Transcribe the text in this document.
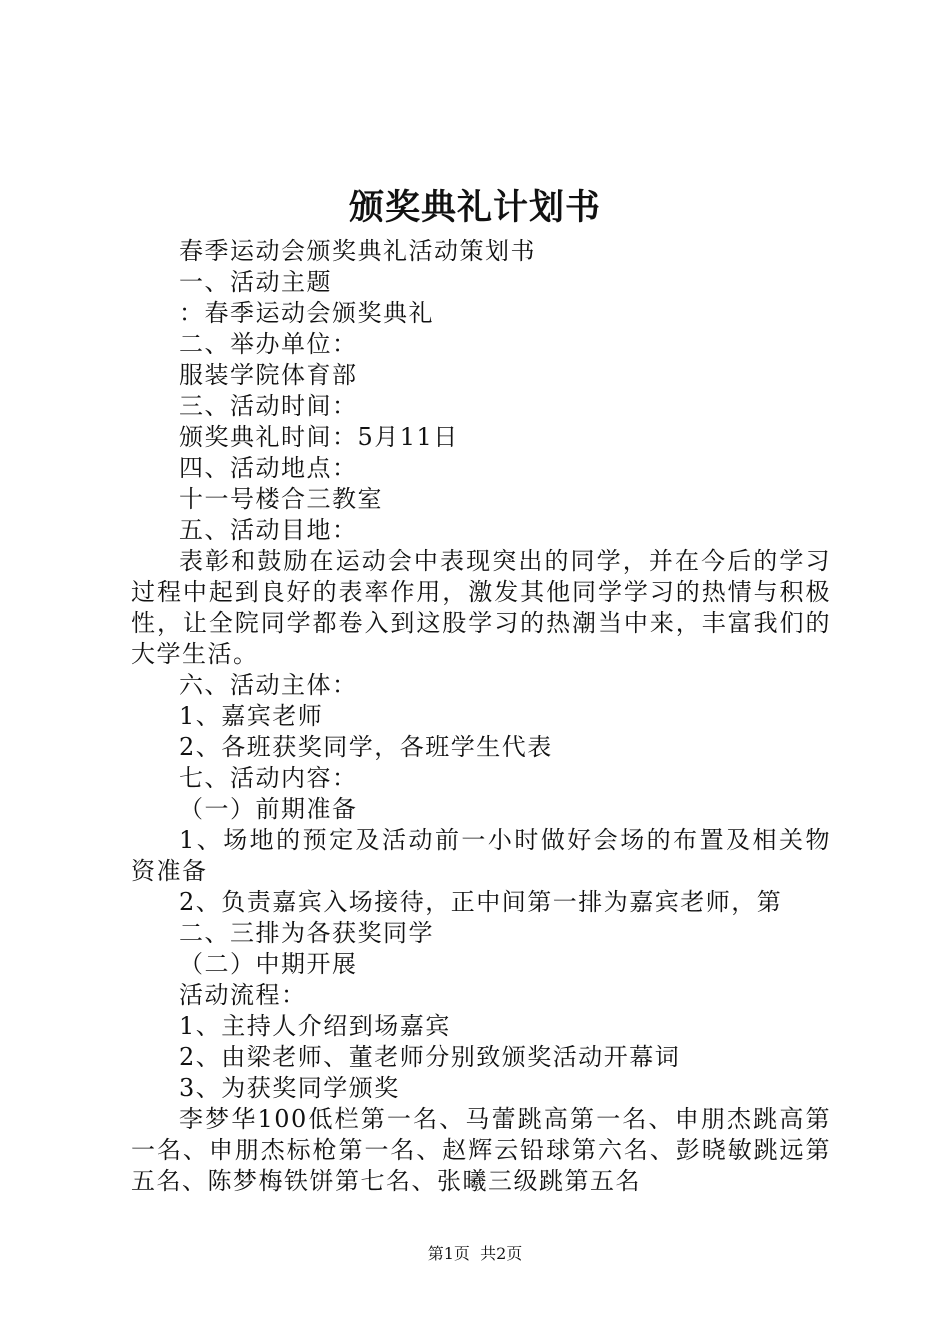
颁奖典礼计划书

春季运动会颁奖典礼活动策划书

一、活动主题

：春季运动会颁奖典礼

二、举办单位：

服装学院体育部

三、活动时间：

颁奖典礼时间：5月11日

四、活动地点：

十一号楼合三教室

五、活动目地：

表彰和鼓励在运动会中表现突出的同学，并在今后的学习过程中起到良好的表率作用，激发其他同学学习的热情与积极性，让全院同学都卷入到这股学习的热潮当中来，丰富我们的大学生活。

六、活动主体：

1、嘉宾老师

2、各班获奖同学，各班学生代表

七、活动内容：

（一）前期准备

1、场地的预定及活动前一小时做好会场的布置及相关物资准备

2、负责嘉宾入场接待，正中间第一排为嘉宾老师，第

二、三排为各获奖同学

（二）中期开展

活动流程：

1、主持人介绍到场嘉宾

2、由梁老师、董老师分别致颁奖活动开幕词

3、为获奖同学颁奖

李梦华100低栏第一名、马蕾跳高第一名、申朋杰跳高第一名、申朋杰标枪第一名、赵辉云铅球第六名、彭晓敏跳远第五名、陈梦梅铁饼第七名、张曦三级跳第五名

第1页 共2页
